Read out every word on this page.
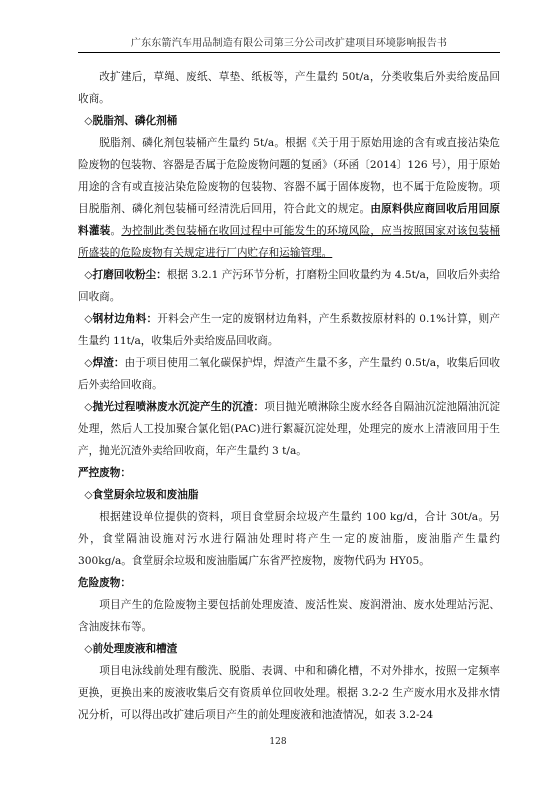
广东东箭汽车用品制造有限公司第三分公司改扩建项目环境影响报告书

改扩建后，草绳、废纸、草垫、纸板等，产生量约 50t/a，分类收集后外卖给废品回收商。

◇脱脂剂、磷化剂桶

脱脂剂、磷化剂包装桶产生量约 5t/a。根据《关于用于原始用途的含有或直接沾染危险废物的包装物、容器是否属于危险废物问题的复函》（环函〔2014〕126 号），用于原始用途的含有或直接沾染危险废物的包装物、容器不属于固体废物，也不属于危险废物。项目脱脂剂、磷化剂包装桶可经清洗后回用，符合此文的规定。由原料供应商回收后用回原料灌装。为控制此类包装桶在收回过程中可能发生的环境风险，应当按照国家对该包装桶所盛装的危险废物有关规定进行厂内贮存和运输管理。

◇打磨回收粉尘：根据 3.2.1 产污环节分析，打磨粉尘回收量约为 4.5t/a，回收后外卖给回收商。

◇钢材边角料：开料会产生一定的废钢材边角料，产生系数按原材料的 0.1%计算，则产生量约 11t/a，收集后外卖给废品回收商。

◇焊渣：由于项目使用二氧化碳保护焊，焊渣产生量不多，产生量约 0.5t/a，收集后回收后外卖给回收商。

◇抛光过程喷淋废水沉淀产生的沉渣：项目抛光喷淋除尘废水经各自隔油沉淀池隔油沉淀处理，然后人工投加聚合氯化铝(PAC)进行絮凝沉淀处理，处理完的废水上清液回用于生产，抛光沉渣外卖给回收商，年产生量约 3 t/a。

严控废物：

◇食堂厨余垃圾和废油脂

根据建设单位提供的资料，项目食堂厨余垃圾产生量约 100 kg/d，合计 30t/a。另外，食堂隔油设施对污水进行隔油处理时将产生一定的废油脂，废油脂产生量约 300kg/a。食堂厨余垃圾和废油脂属广东省严控废物，废物代码为 HY05。

危险废物：

项目产生的危险废物主要包括前处理废渣、废活性炭、废润滑油、废水处理站污泥、含油废抹布等。

◇前处理废液和槽渣

项目电泳线前处理有酸洗、脱脂、表调、中和和磷化槽，不对外排水，按照一定频率更换，更换出来的废液收集后交有资质单位回收处理。根据 3.2-2 生产废水用水及排水情况分析，可以得出改扩建后项目产生的前处理废液和池渣情况，如表 3.2-24

128
